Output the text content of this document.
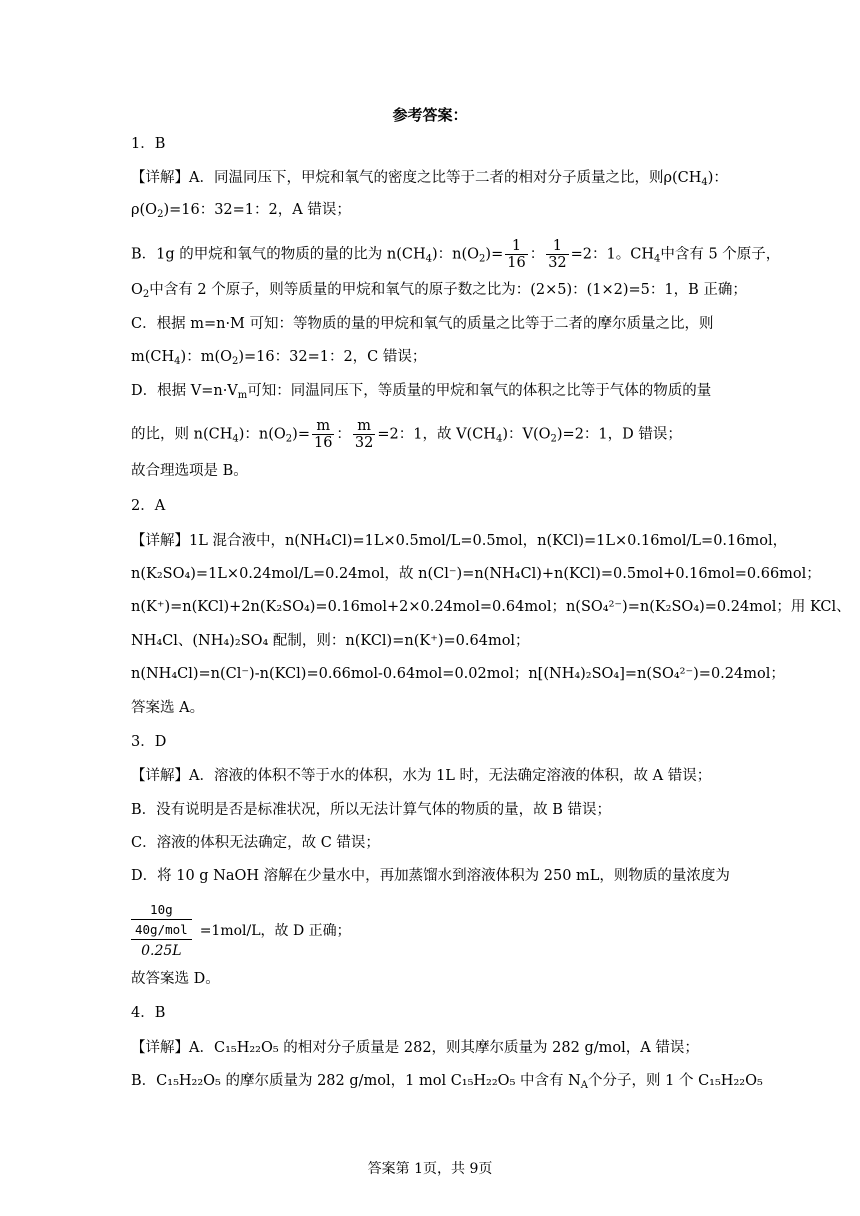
参考答案：
1．B
【详解】A．同温同压下，甲烷和氧气的密度之比等于二者的相对分子质量之比，则$\rho(CH_4)$：
$\rho(O_2)=16$：32=1：2，A 错误；
B．1g 的甲烷和氧气的物质的量的比为 $n(CH_4)$：$n(O_2)= \frac{1}{16}$ ： $\frac{1}{32} =2$：1。$CH_4$中含有 5 个原子，
$O_2$中含有 2 个原子，则等质量的甲烷和氧气的原子数之比为：(2×5)：(1×2)=5：1，B 正确；
C．根据 m=n·M 可知：等物质的量的甲烷和氧气的质量之比等于二者的摩尔质量之比，则
$m(CH_4)$：$m(O_2)=16$：32=1：2，C 错误；
D．根据 $V=n\cdot V_m$可知：同温同压下，等质量的甲烷和氧气的体积之比等于气体的物质的量
的比，则 $n(CH_4)$：$n(O_2)= \frac{m}{16}$ ： $\frac{m}{32} =2$：1，故 $V(CH_4)$：$V(O_2)=2$：1，D 错误；
故合理选项是 B。
2．A
【详解】1L 混合液中，n(NH₄Cl)=1L×0.5mol/L=0.5mol，n(KCl)=1L×0.16mol/L=0.16mol，
n(K₂SO₄)=1L×0.24mol/L=0.24mol，故 n(Cl⁻)=n(NH₄Cl)+n(KCl)=0.5mol+0.16mol=0.66mol；
n(K⁺)=n(KCl)+2n(K₂SO₄)=0.16mol+2×0.24mol=0.64mol；n(SO₄²⁻)=n(K₂SO₄)=0.24mol；用 KCl、
NH₄Cl、(NH₄)₂SO₄ 配制，则：n(KCl)=n(K⁺)=0.64mol；
n(NH₄Cl)=n(Cl⁻)-n(KCl)=0.66mol-0.64mol=0.02mol；n[(NH₄)₂SO₄]=n(SO₄²⁻)=0.24mol；
答案选 A。
3．D
【详解】A．溶液的体积不等于水的体积，水为 1L 时，无法确定溶液的体积，故 A 错误；
B．没有说明是否是标准状况，所以无法计算气体的物质的量，故 B 错误；
C．溶液的体积无法确定，故 C 错误；
D．将 10 g NaOH 溶解在少量水中，再加蒸馏水到溶液体积为 250 mL，则物质的量浓度为
10g
40g/mol
0.25L
=1mol/L，故 D 正确；
故答案选 D。
4．B
【详解】A．C₁₅H₂₂O₅ 的相对分子质量是 282，则其摩尔质量为 282 g/mol，A 错误；
B．C₁₅H₂₂O₅ 的摩尔质量为 282 g/mol，1 mol C₁₅H₂₂O₅ 中含有 $N_A$个分子，则 1 个 C₁₅H₂₂O₅
答案第 1页，共 9页
